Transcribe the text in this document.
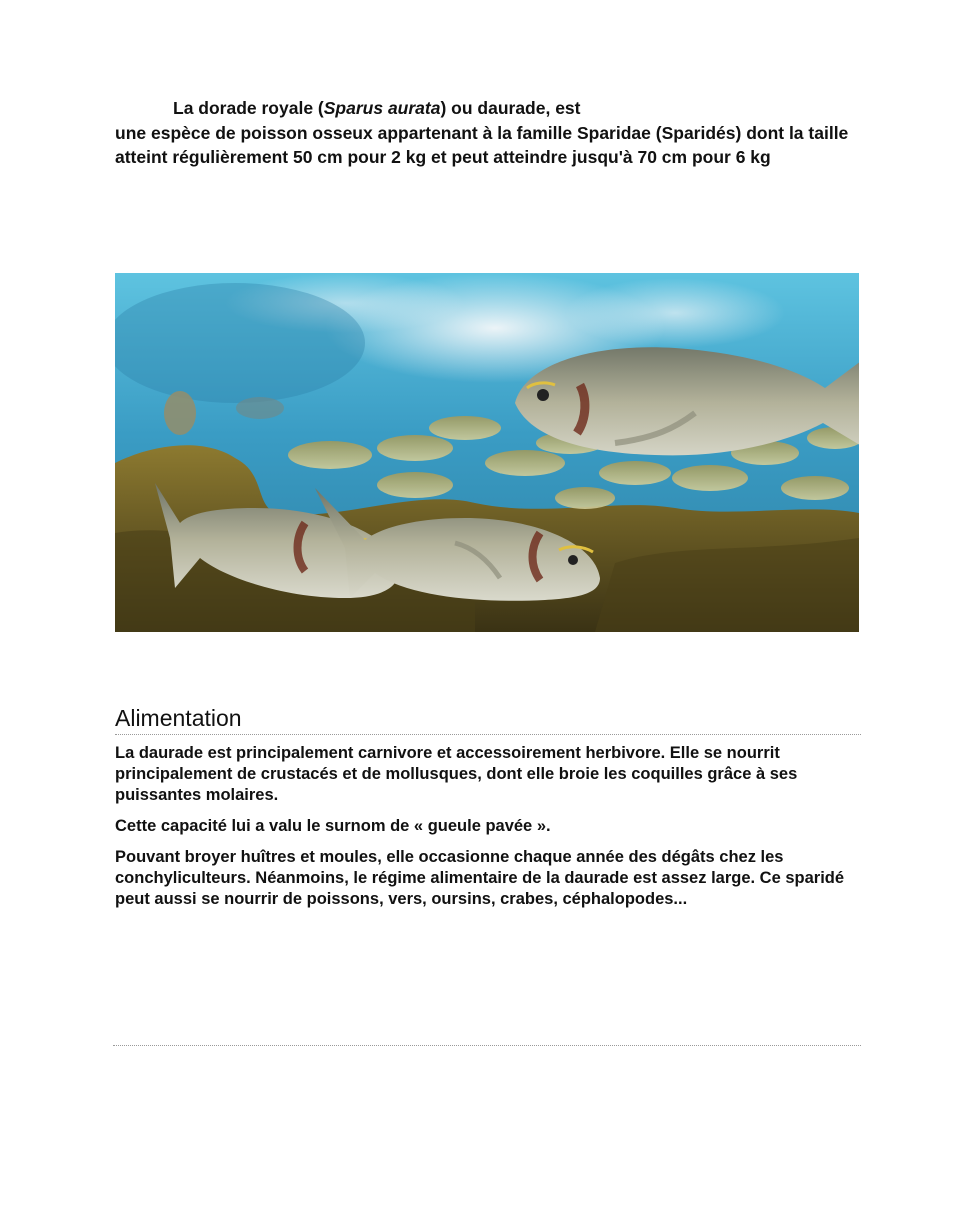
La dorade royale (Sparus aurata) ou daurade, est
une espèce de poisson osseux appartenant à la famille Sparidae (Sparidés) dont la taille atteint régulièrement 50 cm pour 2 kg et peut atteindre jusqu'à 70 cm pour 6 kg
Alimentation

La daurade est principalement carnivore et accessoirement herbivore. Elle se nourrit principalement de crustacés et de mollusques, dont elle broie les coquilles grâce à ses puissantes molaires.

Cette capacité lui a valu le surnom de « gueule pavée ».

Pouvant broyer huîtres et moules, elle occasionne chaque année des dégâts chez les conchyliculteurs. Néanmoins, le régime alimentaire de la daurade est assez large. Ce sparidé peut aussi se nourrir de poissons, vers, oursins, crabes, céphalopodes...
